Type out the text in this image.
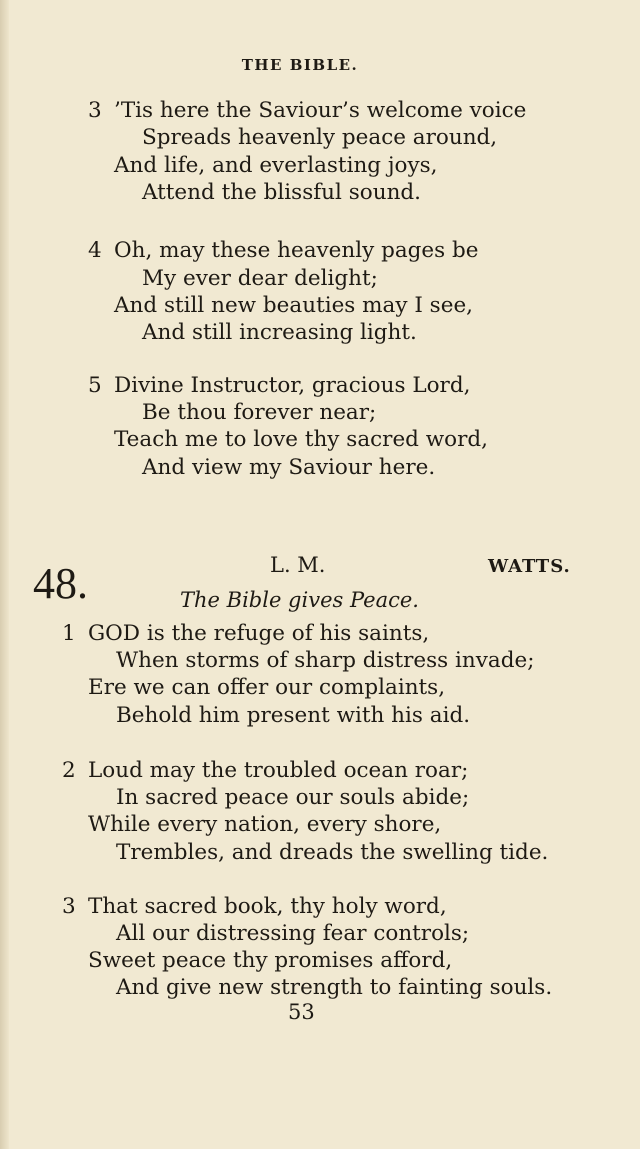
THE BIBLE.
3 ’Tis here the Saviour’s welcome voice
Spreads heavenly peace around,
And life, and everlasting joys,
Attend the blissful sound.
4 Oh, may these heavenly pages be
My ever dear delight;
And still new beauties may I see,
And still increasing light.
5 Divine Instructor, gracious Lord,
Be thou forever near;
Teach me to love thy sacred word,
And view my Saviour here.
48.	L. M.	WATTS.
The Bible gives Peace.
1 GOD is the refuge of his saints,
When storms of sharp distress invade;
Ere we can offer our complaints,
Behold him present with his aid.
2 Loud may the troubled ocean roar;
In sacred peace our souls abide;
While every nation, every shore,
Trembles, and dreads the swelling tide.
3 That sacred book, thy holy word,
All our distressing fear controls;
Sweet peace thy promises afford,
And give new strength to fainting souls.
53
